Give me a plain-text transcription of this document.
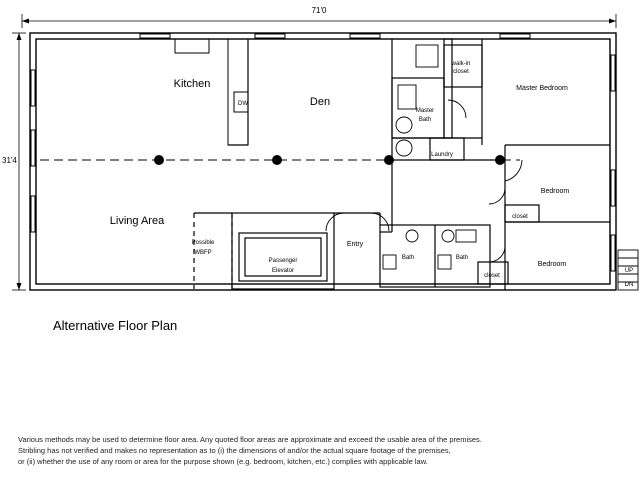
71'0
31'4
Kitchen
Den
Master Bedroom
walk-in
closet
Master
Bath
Laundry
Bedroom
closet
Bedroom
closet
Living Area
Possible
WBFP
Passenger
Elevator
Entry
Bath	Bath
DW
UP
DN
Alternative Floor Plan
Various methods may be used to determine floor area. Any quoted floor areas are approximate and exceed the usable area of the premises.
Stribling has not verified and makes no representation as to (i) the dimensions of and/or the actual square footage of the premises,
or (ii) whether the use of any room or area for the purpose shown (e.g. bedroom, kitchen, etc.) complies with applicable law.
